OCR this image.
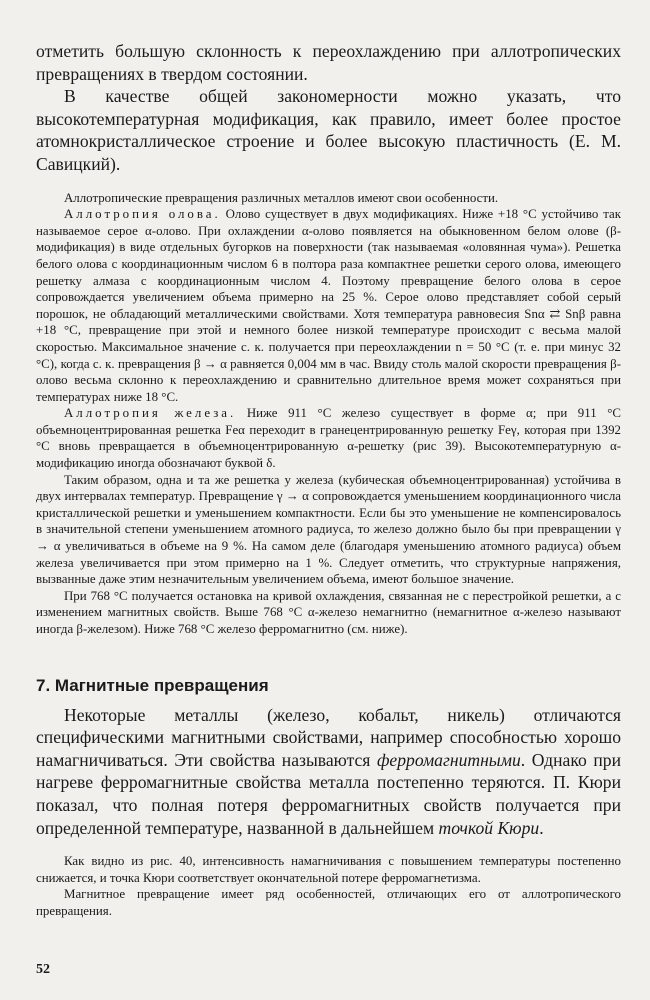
отметить большую склонность к переохлаждению при аллотропических превращениях в твердом состоянии.

В качестве общей закономерности можно указать, что высокотемпературная модификация, как правило, имеет более простое атомнокристаллическое строение и более высокую пластичность (Е. М. Савицкий).

Аллотропические превращения различных металлов имеют свои особенности.

Аллотропия олова. Олово существует в двух модификациях. Ниже +18 °С устойчиво так называемое серое α-олово. При охлаждении α-олово появляется на обыкновенном белом олове (β-модификация) в виде отдельных бугорков на поверхности (так называемая «оловянная чума»). Решетка белого олова с координационным числом 6 в полтора раза компактнее решетки серого олова, имеющего решетку алмаза с координационным числом 4. Поэтому превращение белого олова в серое сопровождается увеличением объема примерно на 25 %. Серое олово представляет собой серый порошок, не обладающий металлическими свойствами. Хотя температура равновесия Snα ⇄ Snβ равна +18 °С, превращение при этой и немного более низкой температуре происходит с весьма малой скоростью. Максимальное значение с. к. получается при переохлаждении n = 50 °С (т. е. при минус 32 °С), когда с. к. превращения β → α равняется 0,004 мм в час. Ввиду столь малой скорости превращения β-олово весьма склонно к переохлаждению и сравнительно длительное время может сохраняться при температурах ниже 18 °С.

Аллотропия железа. Ниже 911 °С железо существует в форме α; при 911 °С объемноцентрированная решетка Feα переходит в гранецентрированную решетку Feγ, которая при 1392 °С вновь превращается в объемноцентрированную α-решетку (рис 39). Высокотемпературную α-модификацию иногда обозначают буквой δ.

Таким образом, одна и та же решетка у железа (кубическая объемноцентрированная) устойчива в двух интервалах температур. Превращение γ → α сопровождается уменьшением координационного числа кристаллической решетки и уменьшением компактности. Если бы это уменьшение не компенсировалось в значительной степени уменьшением атомного радиуса, то железо должно было бы при превращении γ → α увеличиваться в объеме на 9 %. На самом деле (благодаря уменьшению атомного радиуса) объем железа увеличивается при этом примерно на 1 %. Следует отметить, что структурные напряжения, вызванные даже этим незначительным увеличением объема, имеют большое значение.

При 768 °С получается остановка на кривой охлаждения, связанная не с перестройкой решетки, а с изменением магнитных свойств. Выше 768 °С α-железо немагнитно (немагнитное α-железо называют иногда β-железом). Ниже 768 °С железо ферромагнитно (см. ниже).

7. Магнитные превращения

Некоторые металлы (железо, кобальт, никель) отличаются специфическими магнитными свойствами, например способностью хорошо намагничиваться. Эти свойства называются ферромагнитными. Однако при нагреве ферромагнитные свойства металла постепенно теряются. П. Кюри показал, что полная потеря ферромагнитных свойств получается при определенной температуре, названной в дальнейшем точкой Кюри.

Как видно из рис. 40, интенсивность намагничивания с повышением температуры постепенно снижается, и точка Кюри соответствует окончательной потере ферромагнетизма.

Магнитное превращение имеет ряд особенностей, отличающих его от аллотропического превращения.

52
